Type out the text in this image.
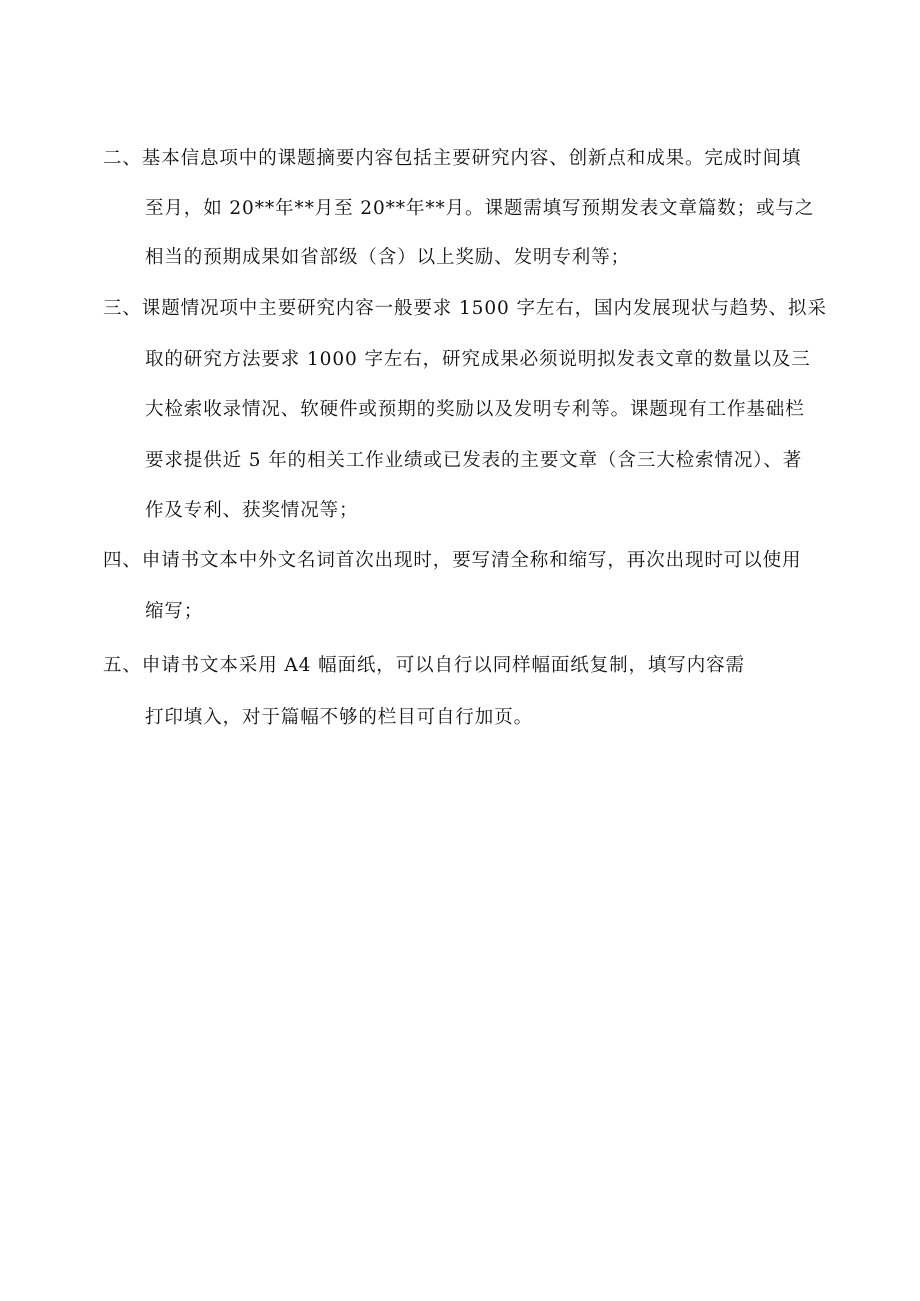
二、基本信息项中的课题摘要内容包括主要研究内容、创新点和成果。完成时间填
至月，如 20**年**月至 20**年**月。课题需填写预期发表文章篇数；或与之
相当的预期成果如省部级（含）以上奖励、发明专利等；
三、课题情况项中主要研究内容一般要求 1500 字左右，国内发展现状与趋势、拟采
取的研究方法要求 1000 字左右，研究成果必须说明拟发表文章的数量以及三
大检索收录情况、软硬件或预期的奖励以及发明专利等。课题现有工作基础栏
要求提供近 5 年的相关工作业绩或已发表的主要文章（含三大检索情况）、著
作及专利、获奖情况等；
四、申请书文本中外文名词首次出现时，要写清全称和缩写，再次出现时可以使用
缩写；
五、申请书文本采用 A4 幅面纸，可以自行以同样幅面纸复制，填写内容需
打印填入，对于篇幅不够的栏目可自行加页。
